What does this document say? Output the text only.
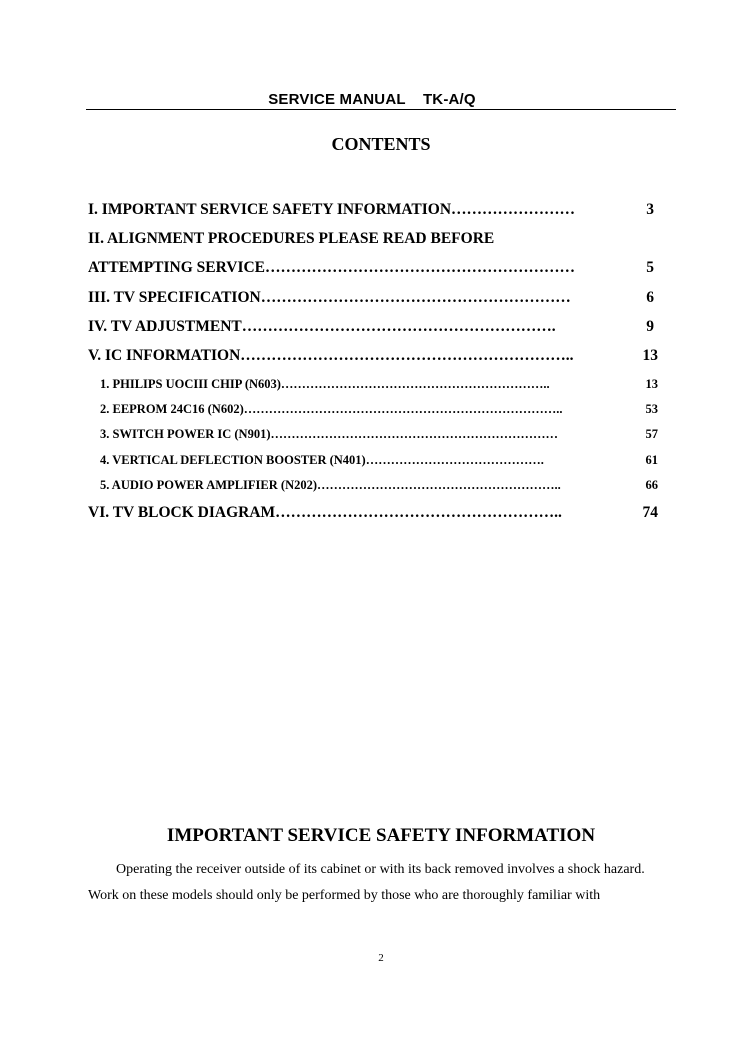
SERVICE MANUAL    TK-A/Q
CONTENTS
I. IMPORTANT SERVICE SAFETY INFORMATION……………………	3
II. ALIGNMENT PROCEDURES PLEASE READ BEFORE
ATTEMPTING SERVICE……………………………………………………	5
III. TV SPECIFICATION……………………………………………………	6
IV. TV ADJUSTMENT…………………………………………………….	9
V. IC INFORMATION………………………………………………………..	13
1. PHILIPS UOCIII CHIP (N603)………………………………………………………..	13
2. EEPROM 24C16 (N602)…………………………………………………………………..	53
3. SWITCH POWER IC (N901)……………………………………………………………	57
4. VERTICAL DEFLECTION BOOSTER (N401)…………………………………….	61
5. AUDIO POWER AMPLIFIER (N202)…………………………………………………..	66
VI. TV BLOCK DIAGRAM………………………………………………..	74
IMPORTANT SERVICE SAFETY INFORMATION
Operating the receiver outside of its cabinet or with its back removed involves a shock hazard.
Work on these models should only be performed by those who are thoroughly familiar with
2
